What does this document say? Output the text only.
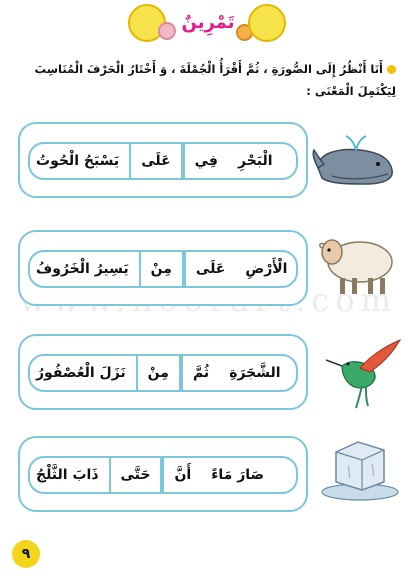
تَمْرِينٌ
أَنَا أَنْظُرُ إِلَى الصُّورَةِ ، ثُمَّ أَقْرَأُ الْجُمْلَةَ ، وَ أَخْتَارُ الْحَرْفَ الْمُنَاسِبَ لِيَكْتَمِلَ الْمَعْنَى :
يَسْبَحُ الْحُوتُ	عَلَى	فِي	الْبَحْرِ
يَسِيرُ الْخَرُوفُ	مِنْ	عَلَى	الْأَرْضِ
نَزَلَ الْعُصْفُورُ	مِنْ	ثُمَّ	الشَّجَرَةِ
ذَابَ الثَّلْجُ	حَتَّى	أَنَّ	صَارَ مَاءً
٩
